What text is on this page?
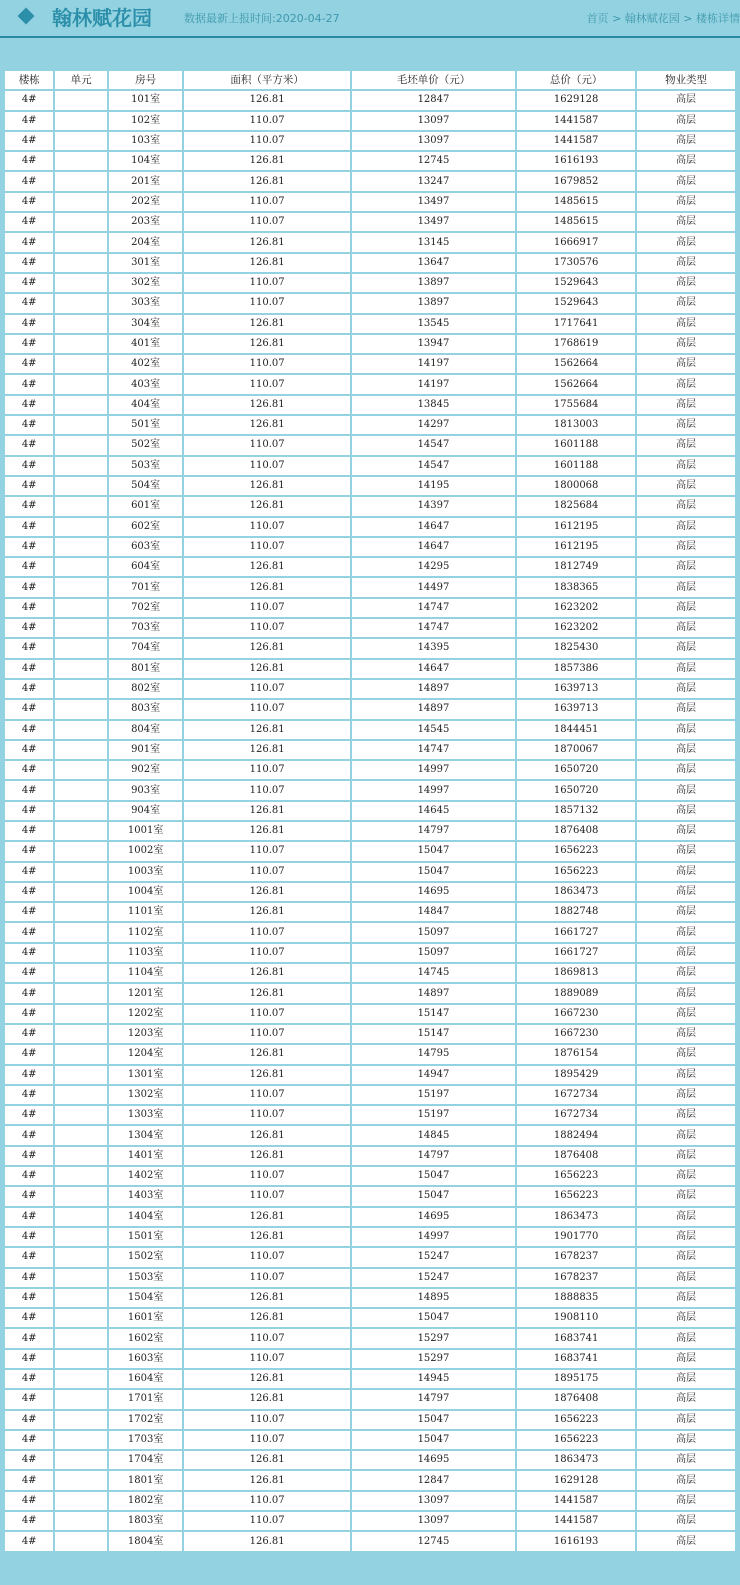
翰林赋花园	数据最新上报时间:2020-04-27	首页 > 翰林赋花园 > 楼栋详情
楼栋	单元	房号	面积（平方米）	毛坯单价（元）	总价（元）	物业类型
4#		101室	126.81	12847	1629128	高层
4#		102室	110.07	13097	1441587	高层
4#		103室	110.07	13097	1441587	高层
4#		104室	126.81	12745	1616193	高层
4#		201室	126.81	13247	1679852	高层
4#		202室	110.07	13497	1485615	高层
4#		203室	110.07	13497	1485615	高层
4#		204室	126.81	13145	1666917	高层
4#		301室	126.81	13647	1730576	高层
4#		302室	110.07	13897	1529643	高层
4#		303室	110.07	13897	1529643	高层
4#		304室	126.81	13545	1717641	高层
4#		401室	126.81	13947	1768619	高层
4#		402室	110.07	14197	1562664	高层
4#		403室	110.07	14197	1562664	高层
4#		404室	126.81	13845	1755684	高层
4#		501室	126.81	14297	1813003	高层
4#		502室	110.07	14547	1601188	高层
4#		503室	110.07	14547	1601188	高层
4#		504室	126.81	14195	1800068	高层
4#		601室	126.81	14397	1825684	高层
4#		602室	110.07	14647	1612195	高层
4#		603室	110.07	14647	1612195	高层
4#		604室	126.81	14295	1812749	高层
4#		701室	126.81	14497	1838365	高层
4#		702室	110.07	14747	1623202	高层
4#		703室	110.07	14747	1623202	高层
4#		704室	126.81	14395	1825430	高层
4#		801室	126.81	14647	1857386	高层
4#		802室	110.07	14897	1639713	高层
4#		803室	110.07	14897	1639713	高层
4#		804室	126.81	14545	1844451	高层
4#		901室	126.81	14747	1870067	高层
4#		902室	110.07	14997	1650720	高层
4#		903室	110.07	14997	1650720	高层
4#		904室	126.81	14645	1857132	高层
4#		1001室	126.81	14797	1876408	高层
4#		1002室	110.07	15047	1656223	高层
4#		1003室	110.07	15047	1656223	高层
4#		1004室	126.81	14695	1863473	高层
4#		1101室	126.81	14847	1882748	高层
4#		1102室	110.07	15097	1661727	高层
4#		1103室	110.07	15097	1661727	高层
4#		1104室	126.81	14745	1869813	高层
4#		1201室	126.81	14897	1889089	高层
4#		1202室	110.07	15147	1667230	高层
4#		1203室	110.07	15147	1667230	高层
4#		1204室	126.81	14795	1876154	高层
4#		1301室	126.81	14947	1895429	高层
4#		1302室	110.07	15197	1672734	高层
4#		1303室	110.07	15197	1672734	高层
4#		1304室	126.81	14845	1882494	高层
4#		1401室	126.81	14797	1876408	高层
4#		1402室	110.07	15047	1656223	高层
4#		1403室	110.07	15047	1656223	高层
4#		1404室	126.81	14695	1863473	高层
4#		1501室	126.81	14997	1901770	高层
4#		1502室	110.07	15247	1678237	高层
4#		1503室	110.07	15247	1678237	高层
4#		1504室	126.81	14895	1888835	高层
4#		1601室	126.81	15047	1908110	高层
4#		1602室	110.07	15297	1683741	高层
4#		1603室	110.07	15297	1683741	高层
4#		1604室	126.81	14945	1895175	高层
4#		1701室	126.81	14797	1876408	高层
4#		1702室	110.07	15047	1656223	高层
4#		1703室	110.07	15047	1656223	高层
4#		1704室	126.81	14695	1863473	高层
4#		1801室	126.81	12847	1629128	高层
4#		1802室	110.07	13097	1441587	高层
4#		1803室	110.07	13097	1441587	高层
4#		1804室	126.81	12745	1616193	高层
